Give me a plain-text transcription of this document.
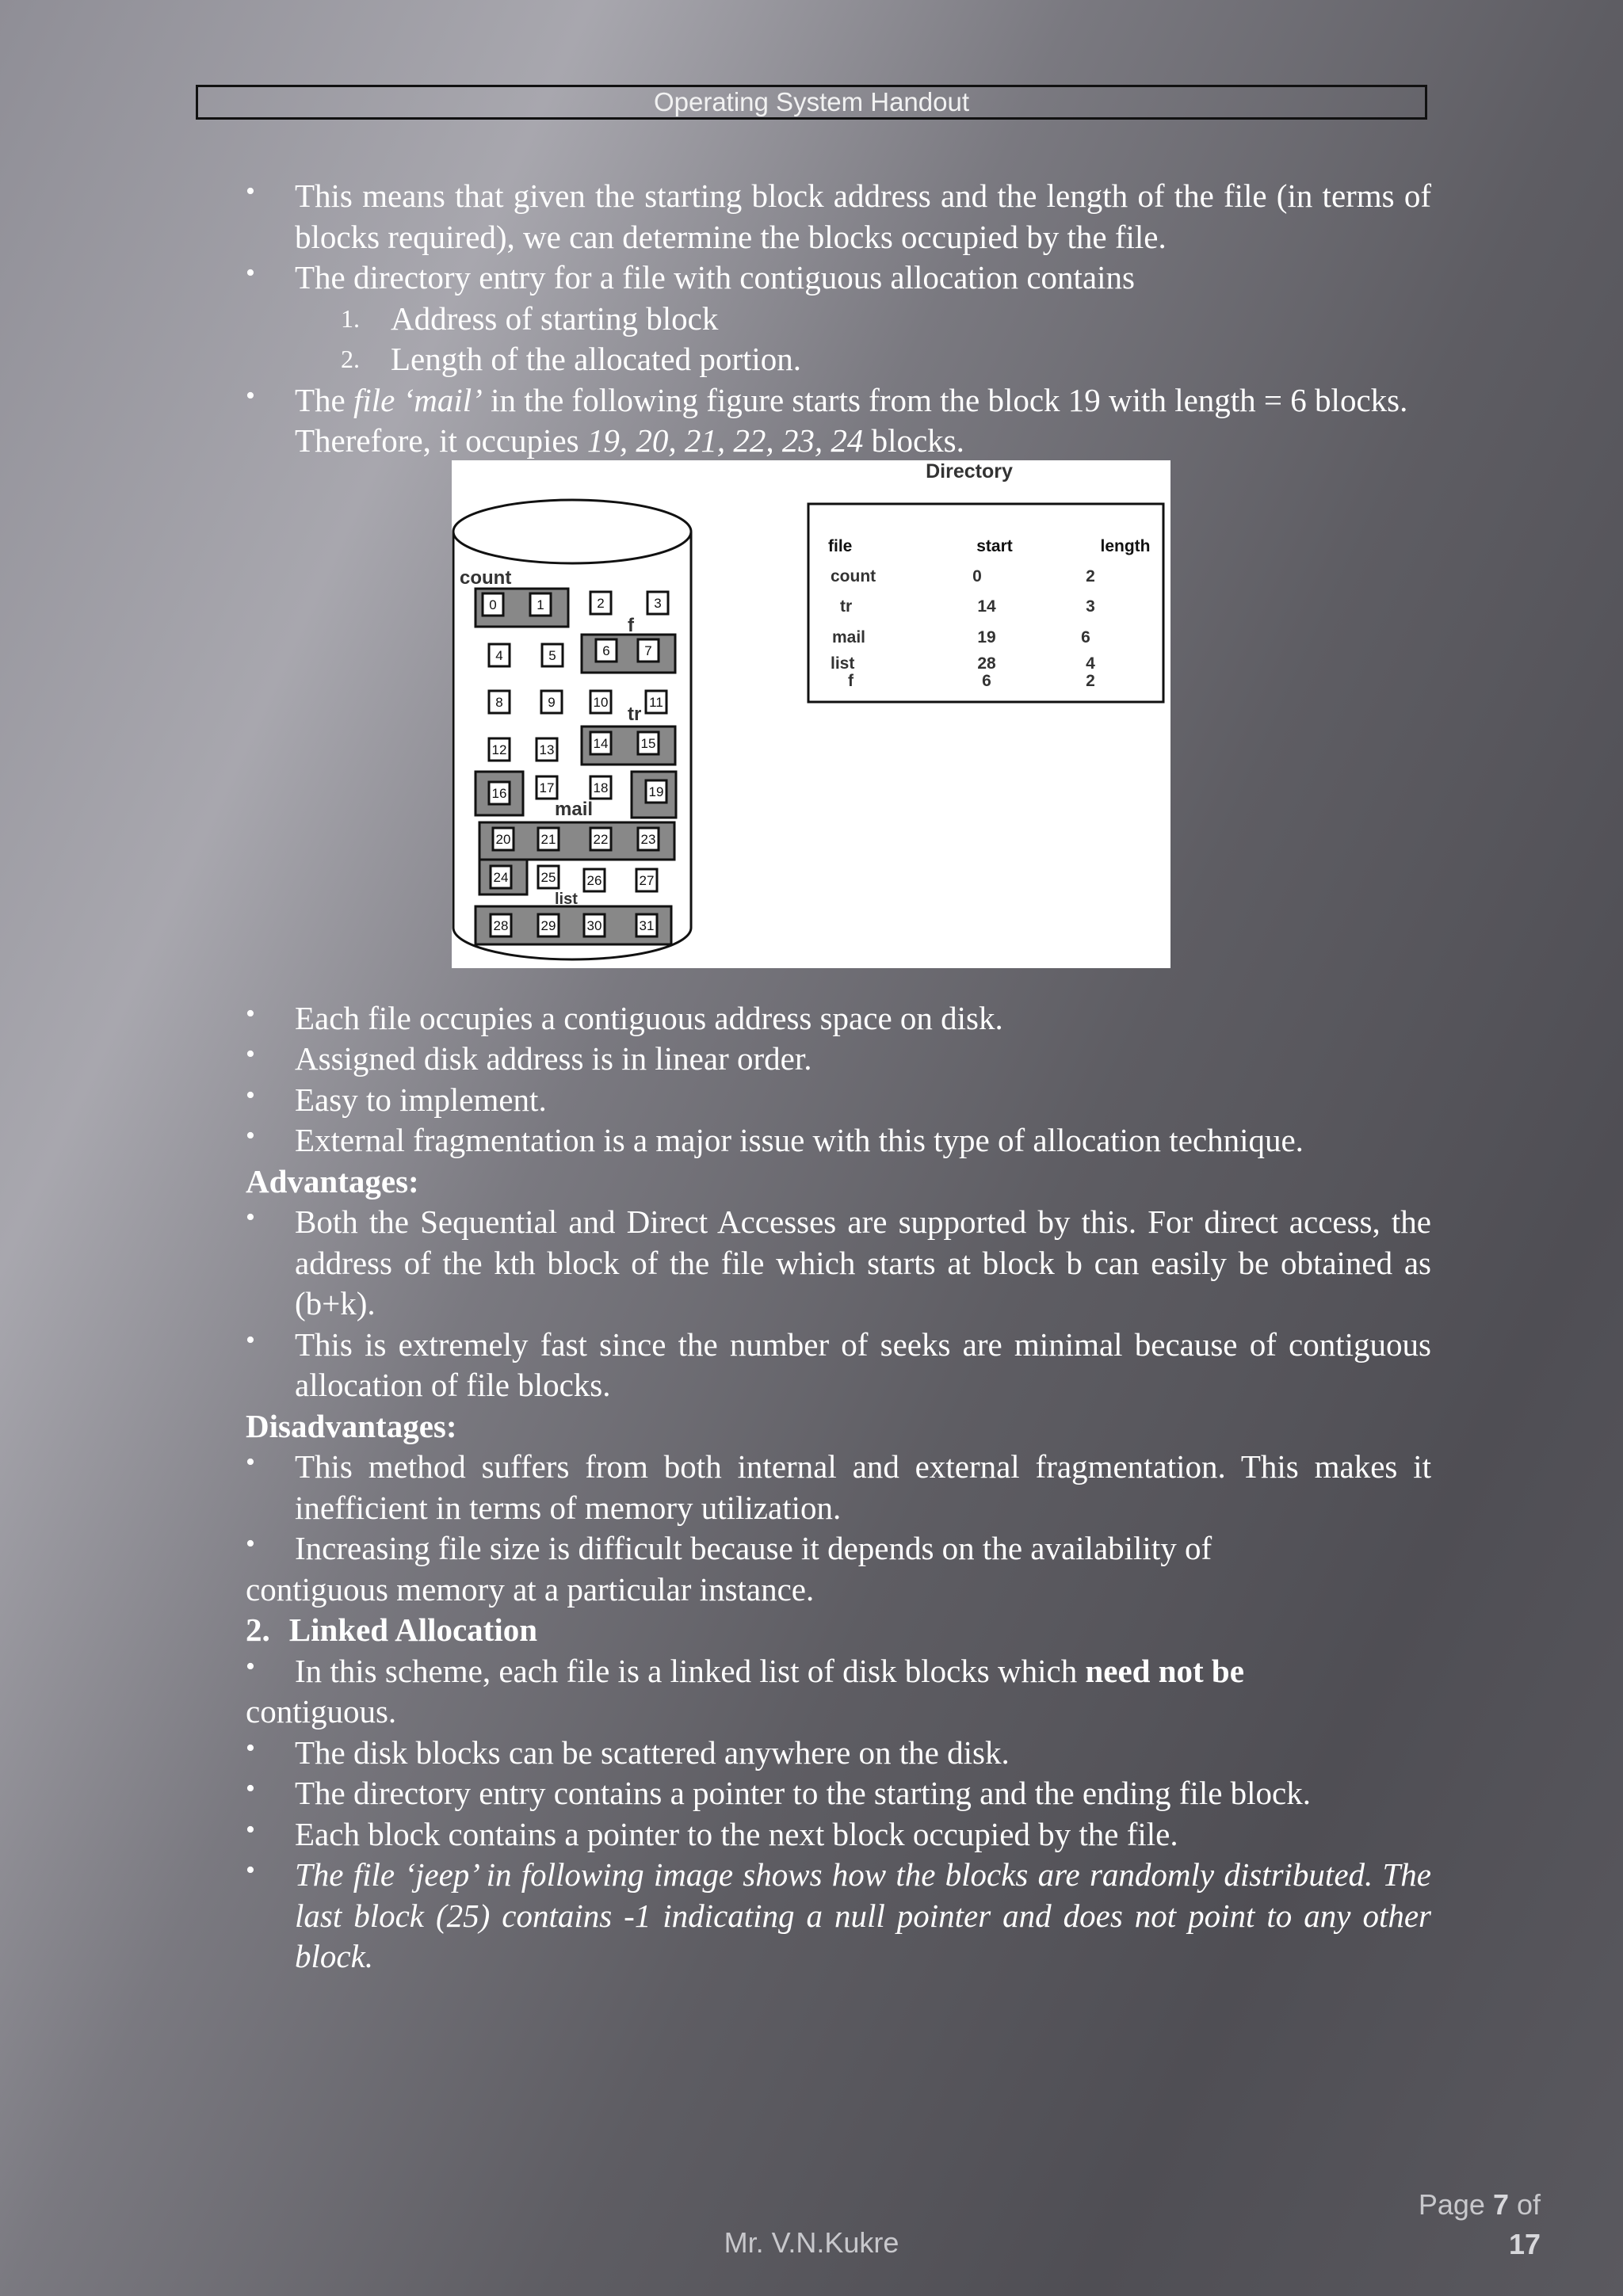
Operating System Handout
• This means that given the starting block address and the length of the file (in terms of blocks required), we can determine the blocks occupied by the file.
• The directory entry for a file with contiguous allocation contains
1. Address of starting block
2. Length of the allocated portion.
• The file ‘mail’ in the following figure starts from the block 19 with length = 6 blocks. Therefore, it occupies 19, 20, 21, 22, 23, 24 blocks.
0	1	2	3
4	5	6	7
8	9	10	11
12 13	14 15
16 17	18	19
20 21	22 23
24 25 26	27
28 29 30	31
count
f
tr
mail
list
Directory
file	start	length
count	0	2
tr	14	3
mail	19	6
list	28	4
f	6	2
• Each file occupies a contiguous address space on disk.
• Assigned disk address is in linear order.
• Easy to implement.
• External fragmentation is a major issue with this type of allocation technique.
Advantages:
• Both the Sequential and Direct Accesses are supported by this. For direct access, the address of the kth block of the file which starts at block b can easily be obtained as (b+k).
• This is extremely fast since the number of seeks are minimal because of contiguous allocation of file blocks.
Disadvantages:
• This method suffers from both internal and external fragmentation. This makes it inefficient in terms of memory utilization.
• Increasing file size is difficult because it depends on the availability of
contiguous memory at a particular instance.
2. Linked Allocation
• In this scheme, each file is a linked list of disk blocks which need not be
contiguous.
• The disk blocks can be scattered anywhere on the disk.
• The directory entry contains a pointer to the starting and the ending file block.
• Each block contains a pointer to the next block occupied by the file.
• The file ‘jeep’ in following image shows how the blocks are randomly distributed. The last block (25) contains -1 indicating a null pointer and does not point to any other block.
Page 7 of
17
Mr. V.N.Kukre
